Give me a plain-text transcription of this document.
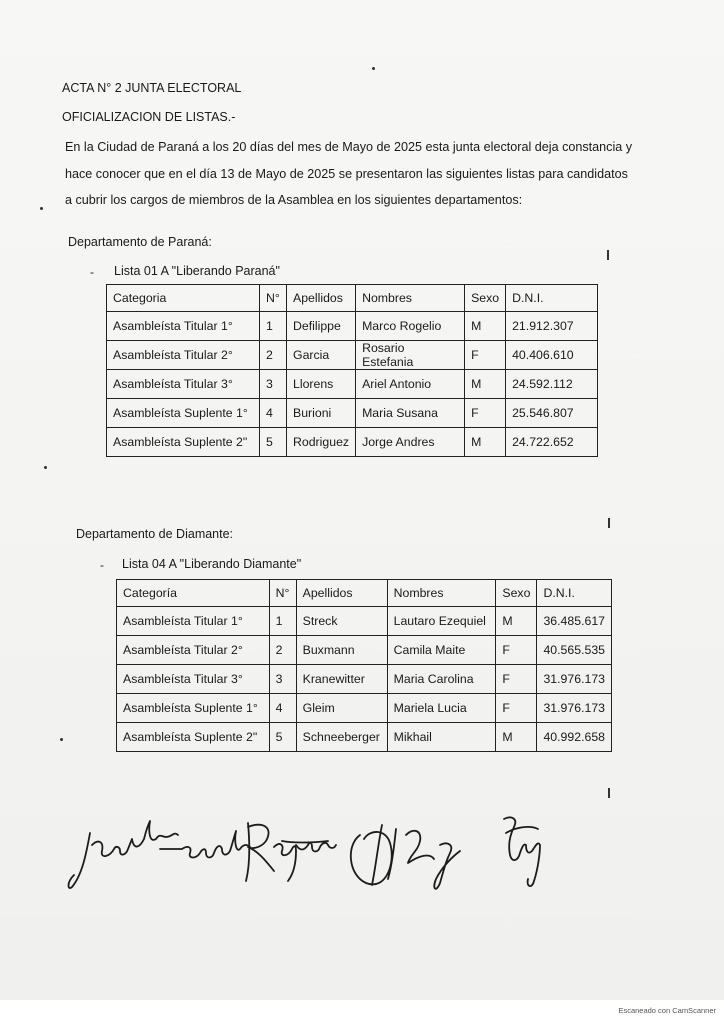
ACTA N° 2 JUNTA ELECTORAL
OFICIALIZACION DE LISTAS.-
En la Ciudad de Paraná a los 20 días del mes de Mayo de 2025 esta junta electoral deja constancia y
hace conocer que en el día 13 de Mayo de 2025 se presentaron las siguientes listas para candidatos
a cubrir los cargos de miembros de la Asamblea en los siguientes departamentos:
Departamento de Paraná:
- Lista 01 A "Liberando Paraná"
Categoria	N°	Apellidos	Nombres	Sexo	D.N.I.
Asambleísta Titular 1°	1	Defilippe	Marco Rogelio	M	21.912.307
Asambleísta Titular 2°	2	Garcia	Rosario Estefania	F	40.406.610
Asambleísta Titular 3°	3	Llorens	Ariel Antonio	M	24.592.112
Asambleísta Suplente 1°	4	Burioni	Maria Susana	F	25.546.807
Asambleísta Suplente 2"	5	Rodriguez	Jorge Andres	M	24.722.652
Departamento de Diamante:
- Lista 04 A "Liberando Diamante"
Categoría	N°	Apellidos	Nombres	Sexo	D.N.I.
Asambleísta Titular 1°	1	Streck	Lautaro Ezequiel	M	36.485.617
Asambleísta Titular 2°	2	Buxmann	Camila Maite	F	40.565.535
Asambleísta Titular 3°	3	Kranewitter	Maria Carolina	F	31.976.173
Asambleísta Suplente 1°	4	Gleim	Mariela Lucia	F	31.976.173
Asambleísta Suplente 2"	5	Schneeberger	Mikhail	M	40.992.658
Escaneado con CamScanner
